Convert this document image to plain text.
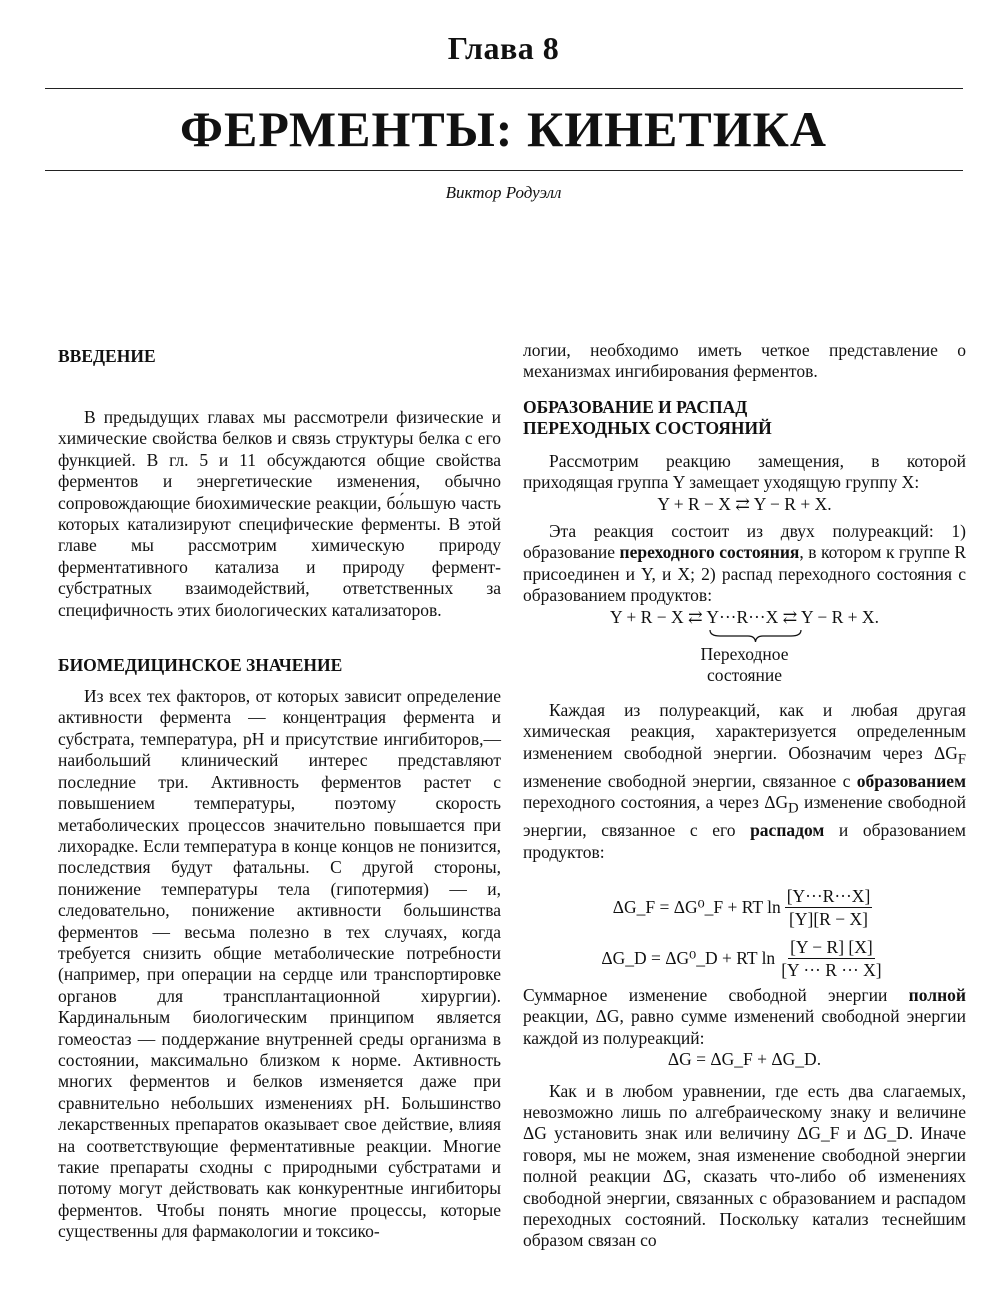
Глава 8
ФЕРМЕНТЫ: КИНЕТИКА
Виктор Родуэлл

ВВЕДЕНИЕ

В предыдущих главах мы рассмотрели физические и химические свойства белков и связь структуры белка с его функцией. В гл. 5 и 11 обсуждаются общие свойства ферментов и энергетические изменения, обычно сопровождающие биохимические реакции, бо́льшую часть которых катализируют специфические ферменты. В этой главе мы рассмотрим химическую природу ферментативного катализа и природу фермент-субстратных взаимодействий, ответственных за специфичность этих биологических катализаторов.

БИОМЕДИЦИНСКОЕ ЗНАЧЕНИЕ

Из всех тех факторов, от которых зависит определение активности фермента — концентрация фермента и субстрата, температура, pH и присутствие ингибиторов,— наибольший клинический интерес представляют последние три. Активность ферментов растет с повышением температуры, поэтому скорость метаболических процессов значительно повышается при лихорадке. Если температура в конце концов не понизится, последствия будут фатальны. С другой стороны, понижение температуры тела (гипотермия) — и, следовательно, понижение активности большинства ферментов — весьма полезно в тех случаях, когда требуется снизить общие метаболические потребности (например, при операции на сердце или транспортировке органов для трансплантационной хирургии). Кардинальным биологическим принципом является гомеостаз — поддержание внутренней среды организма в состоянии, максимально близком к норме. Активность многих ферментов и белков изменяется даже при сравнительно небольших изменениях pH. Большинство лекарственных препаратов оказывает свое действие, влияя на соответствующие ферментативные реакции. Многие такие препараты сходны с природными субстратами и потому могут действовать как конкурентные ингибиторы ферментов. Чтобы понять многие процессы, которые существенны для фармакологии и токсико-

логии, необходимо иметь четкое представление о механизмах ингибирования ферментов.

ОБРАЗОВАНИЕ И РАСПАД
ПЕРЕХОДНЫХ СОСТОЯНИЙ

Рассмотрим реакцию замещения, в которой приходящая группа Y замещает уходящую группу X:

Y + R − X ⇄ Y − R + X.

Эта реакция состоит из двух полуреакций: 1) образование переходного состояния, в котором к группе R присоединен и Y, и X; 2) распад переходного состояния с образованием продуктов:

Y + R − X ⇄ Y···R···X ⇄ Y − R + X.

Переходное
состояние

Каждая из полуреакций, как и любая другая химическая реакция, характеризуется определенным изменением свободной энергии. Обозначим через $\Delta G_F$ изменение свободной энергии, связанное с образованием переходного состояния, а через $\Delta G_D$ изменение свободной энергии, связанное с его распадом и образованием продуктов:

ΔG_F = ΔG⁰_F + RT $\ln \frac{[Y\cdot\cdot\cdot R\cdot\cdot\cdot X]}{[Y][R - X]}$
ΔG_D = ΔG⁰_D + RT $\ln \frac{[Y - R] [X]}{[Y \cdot\cdot\cdot R \cdot\cdot\cdot X]}$

Суммарное изменение свободной энергии полной реакции, ΔG, равно сумме изменений свободной энергии каждой из полуреакций:

ΔG = ΔG_F + ΔG_D.

Как и в любом уравнении, где есть два слагаемых, невозможно лишь по алгебраическому знаку и величине ΔG установить знак или величину ΔG_F и ΔG_D. Иначе говоря, мы не можем, зная изменение свободной энергии полной реакции ΔG, сказать что-либо об изменениях свободной энергии, связанных с образованием и распадом переходных состояний. Поскольку катализ теснейшим образом связан со
